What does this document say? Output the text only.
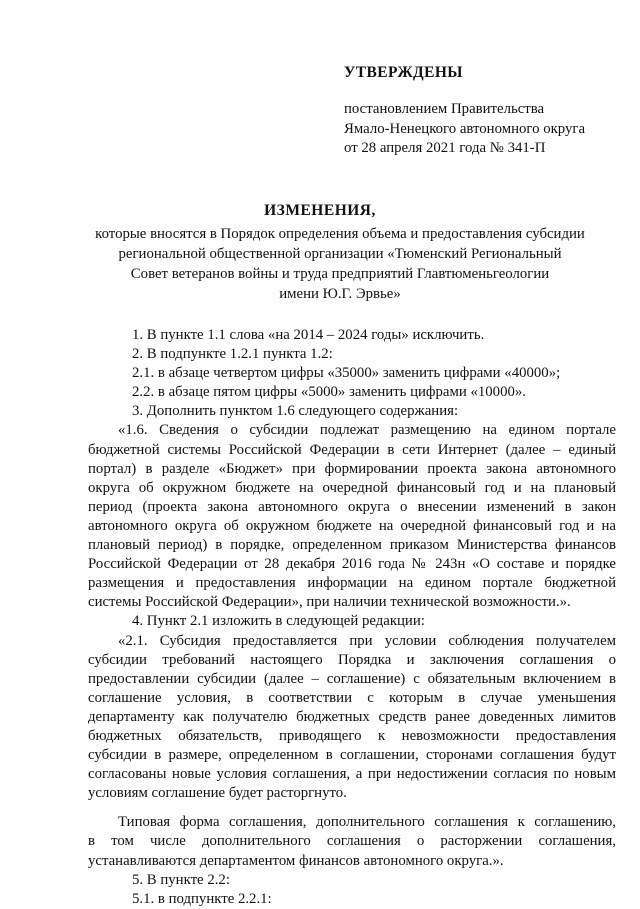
УТВЕРЖДЕНЫ
постановлением Правительства
Ямало-Ненецкого автономного округа
от 28 апреля 2021 года № 341-П
ИЗМЕНЕНИЯ,
которые вносятся в Порядок определения объема и предоставления субсидии
региональной общественной организации «Тюменский Региональный
Совет ветеранов войны и труда предприятий Главтюменьгеологии
имени Ю.Г. Эрвье»
1. В пункте 1.1 слова «на 2014 – 2024 годы» исключить.
2. В подпункте 1.2.1 пункта 1.2:
2.1. в абзаце четвертом цифры «35000» заменить цифрами «40000»;
2.2. в абзаце пятом цифры «5000» заменить цифрами «10000».
3. Дополнить пунктом 1.6 следующего содержания:
«1.6. Сведения о субсидии подлежат размещению на едином портале
бюджетной системы Российской Федерации в сети Интернет (далее – единый
портал) в разделе «Бюджет» при формировании проекта закона автономного
округа об окружном бюджете на очередной финансовый год и на плановый
период (проекта закона автономного округа о внесении изменений в закон
автономного округа об окружном бюджете на очередной финансовый год и на
плановый период) в порядке, определенном приказом Министерства финансов
Российской Федерации от 28 декабря 2016 года № 243н «О составе и порядке
размещения и предоставления информации на едином портале бюджетной
системы Российской Федерации», при наличии технической возможности.».
4. Пункт 2.1 изложить в следующей редакции:
«2.1. Субсидия предоставляется при условии соблюдения получателем
субсидии требований настоящего Порядка и заключения соглашения о
предоставлении субсидии (далее – соглашение) с обязательным включением в
соглашение условия, в соответствии с которым в случае уменьшения
департаменту как получателю бюджетных средств ранее доведенных лимитов
бюджетных обязательств, приводящего к невозможности предоставления
субсидии в размере, определенном в соглашении, сторонами соглашения будут
согласованы новые условия соглашения, а при недостижении согласия по новым
условиям соглашение будет расторгнуто.
Типовая форма соглашения, дополнительного соглашения к соглашению,
в том числе дополнительного соглашения о расторжении соглашения,
устанавливаются департаментом финансов автономного округа.».
5. В пункте 2.2:
5.1. в подпункте 2.2.1:
